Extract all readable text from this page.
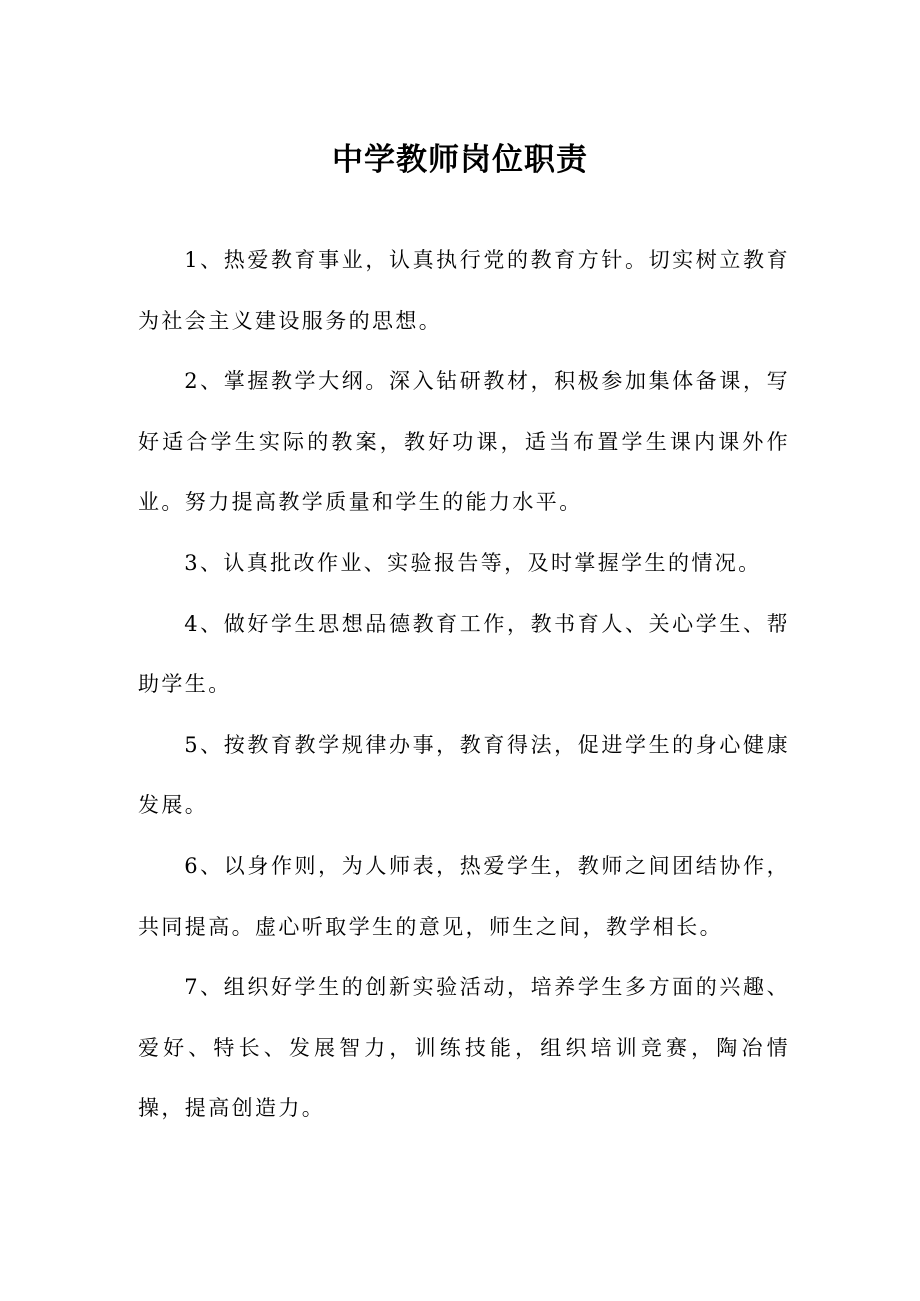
中学教师岗位职责

1、热爱教育事业，认真执行党的教育方针。切实树立教育为社会主义建设服务的思想。

2、掌握教学大纲。深入钻研教材，积极参加集体备课，写好适合学生实际的教案，教好功课，适当布置学生课内课外作业。努力提高教学质量和学生的能力水平。

3、认真批改作业、实验报告等，及时掌握学生的情况。

4、做好学生思想品德教育工作，教书育人、关心学生、帮助学生。

5、按教育教学规律办事，教育得法，促进学生的身心健康发展。

6、以身作则，为人师表，热爱学生，教师之间团结协作，共同提高。虚心听取学生的意见，师生之间，教学相长。

7、组织好学生的创新实验活动，培养学生多方面的兴趣、爱好、特长、发展智力，训练技能，组织培训竞赛，陶冶情操，提高创造力。
